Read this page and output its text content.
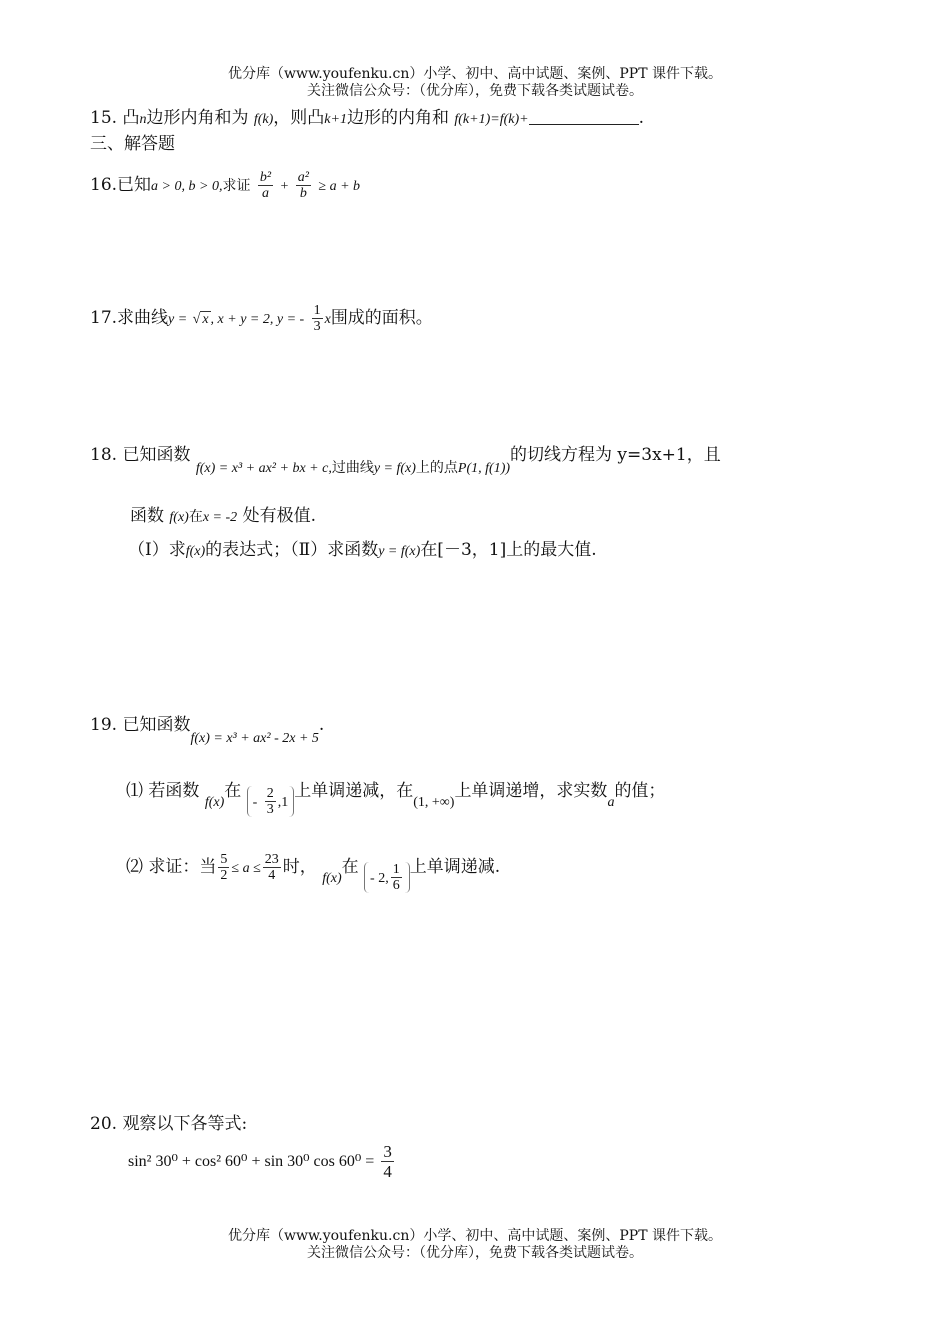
优分库（www.youfenku.cn）小学、初中、高中试题、案例、PPT 课件下载。
关注微信公众号：（优分库），免费下载各类试题试卷。
15. 凸n边形内角和为 f(k)，则凸k+1边形的内角和 f(k+1)=f(k)+	.
三、解答题
16.已知a > 0, b > 0,求证 $\frac{\text{b²}}{a} + \frac{\text{a²}}{b} \ge a + b$
17.求曲线y = √ x , x + y = 2, y = - $\frac{1}{3}$ x围成的面积。
18. 已知函数 $_{f(x) = x^3 + ax^2 + bx + c,过曲线y = f(x)上的点P(1, f(1))}$的切线方程为 y=3x+1，且
函数 f(x)在x = -2 处有极值.
（Ⅰ）求f(x)的表达式；（Ⅱ）求函数y = f(x)在[－3，1]上的最大值.
19. 已知函数$_{f(x) = x^3 + ax^2 - 2x + 5}$.
⑴ 若函数 $_{f(x)}$在 - $\frac{2}{3} ,1$上单调递减，在$_{(1, +\infty)}$上单调递增，求实数$_a$的值；
⑵ 求证：当 $\frac{5}{2} \le a \le \frac{23}{4}$ 时， $_{f(x)}$在 - 2, $\frac{1}{6}$ 上单调递减.
20. 观察以下各等式:
sin² 30⁰ + cos² 60⁰ + sin 30⁰ $\cos 60^0 = \frac{3}{4}$
优分库（www.youfenku.cn）小学、初中、高中试题、案例、PPT 课件下载。
关注微信公众号：（优分库），免费下载各类试题试卷。
